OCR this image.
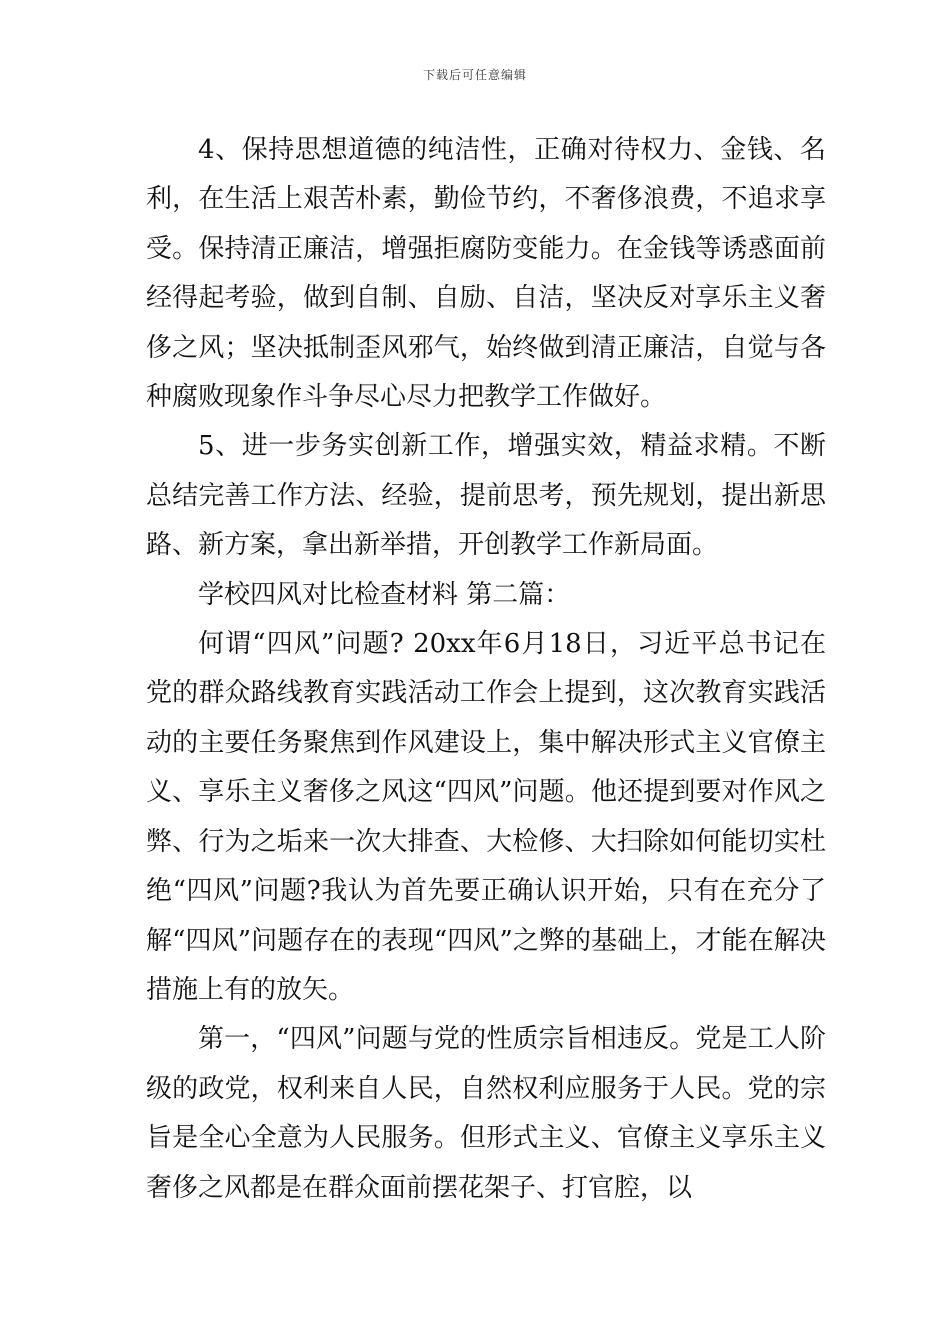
下载后可任意编辑

4、保持思想道德的纯洁性，正确对待权力、金钱、名利，在生活上艰苦朴素，勤俭节约，不奢侈浪费，不追求享受。保持清正廉洁，增强拒腐防变能力。在金钱等诱惑面前经得起考验，做到自制、自励、自洁，坚决反对享乐主义奢侈之风；坚决抵制歪风邪气，始终做到清正廉洁，自觉与各种腐败现象作斗争尽心尽力把教学工作做好。

5、进一步务实创新工作，增强实效，精益求精。不断总结完善工作方法、经验，提前思考，预先规划，提出新思路、新方案，拿出新举措，开创教学工作新局面。

学校四风对比检查材料 第二篇：

何谓“四风”问题? 20xx年6月18日，习近平总书记在党的群众路线教育实践活动工作会上提到，这次教育实践活动的主要任务聚焦到作风建设上，集中解决形式主义官僚主义、享乐主义奢侈之风这“四风”问题。他还提到要对作风之弊、行为之垢来一次大排查、大检修、大扫除如何能切实杜绝“四风”问题?我认为首先要正确认识开始，只有在充分了解“四风”问题存在的表现“四风”之弊的基础上，才能在解决措施上有的放矢。

第一，“四风”问题与党的性质宗旨相违反。党是工人阶级的政党，权利来自人民，自然权利应服务于人民。党的宗旨是全心全意为人民服务。但形式主义、官僚主义享乐主义奢侈之风都是在群众面前摆花架子、打官腔，以
